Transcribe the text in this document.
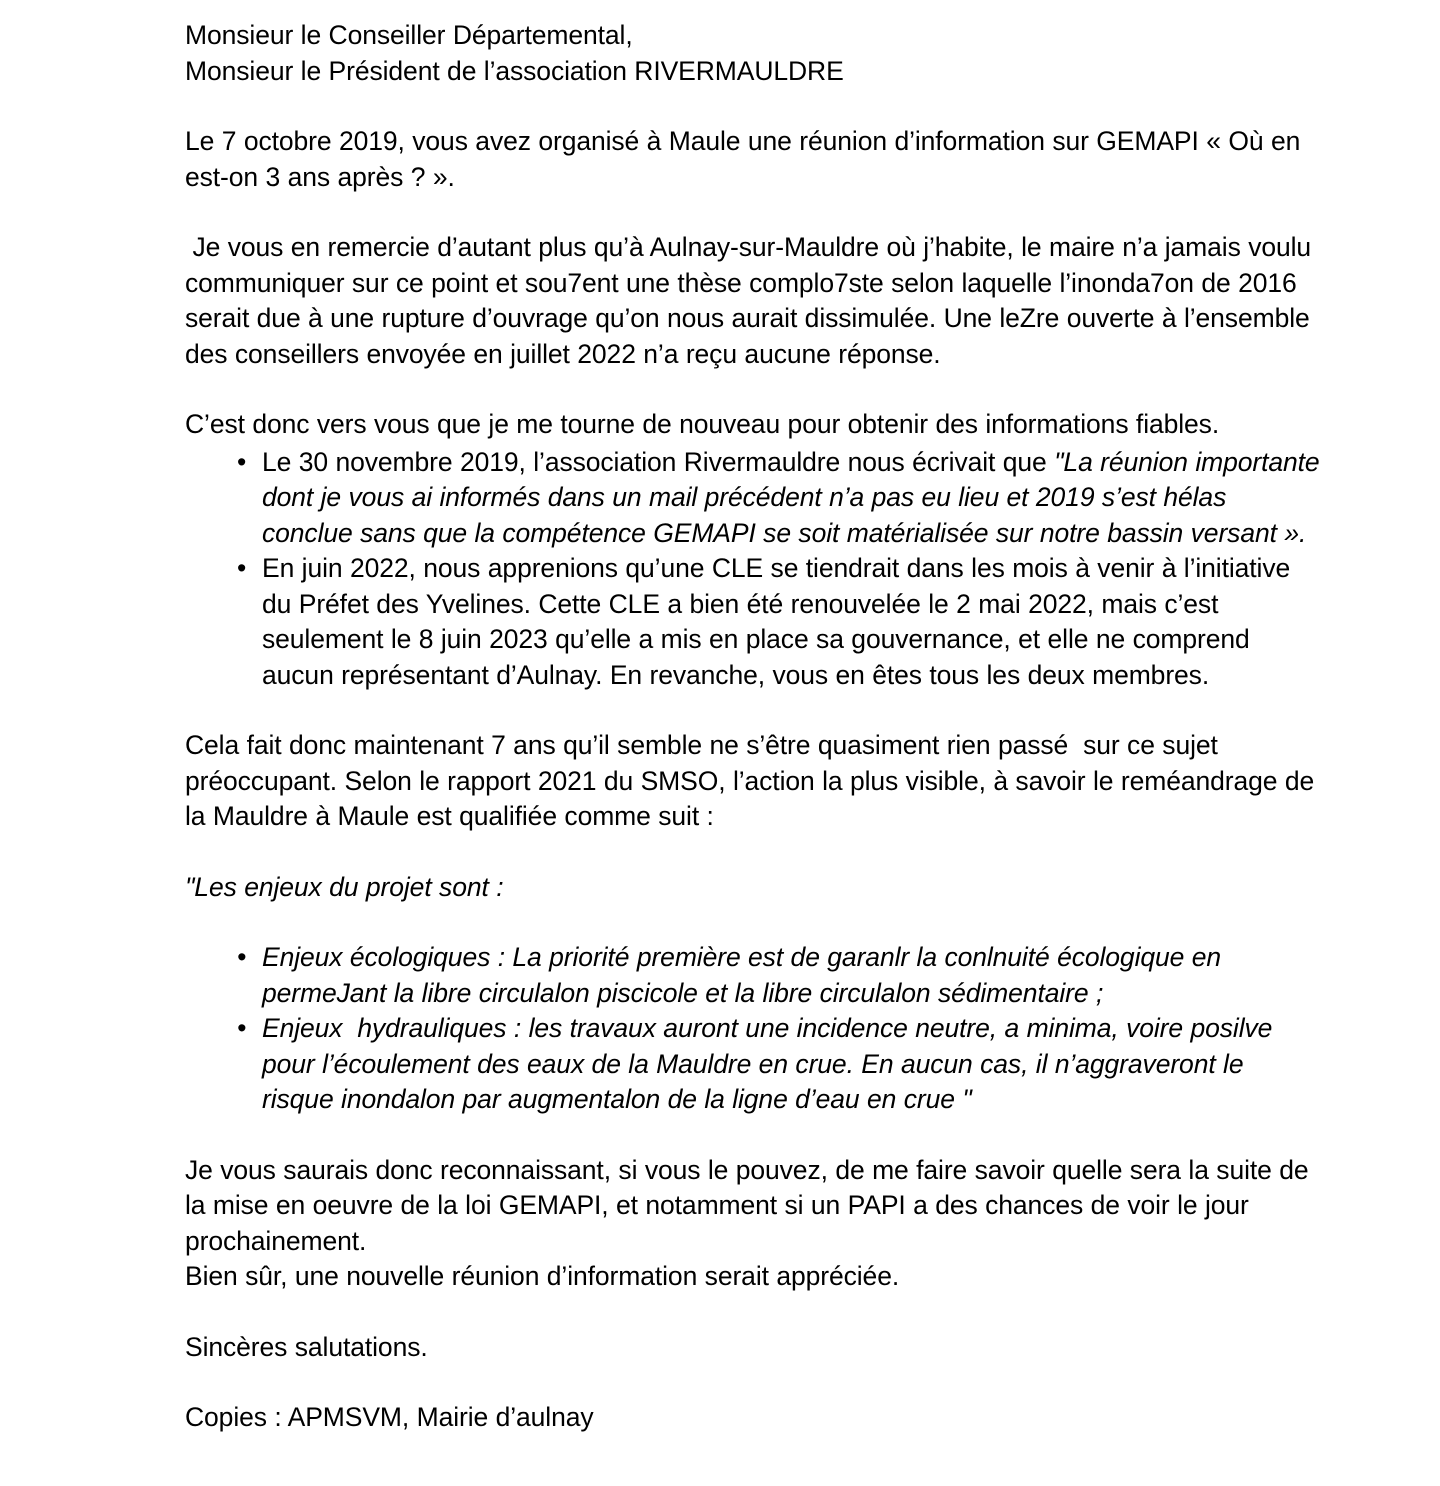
Monsieur le Conseiller Départemental,

Monsieur le Président de l’association RIVERMAULDRE

Le 7 octobre 2019, vous avez organisé à Maule une réunion d’information sur GEMAPI « Où en est-on 3 ans après ? ».

Je vous en remercie d’autant plus qu’à Aulnay-sur-Mauldre où j’habite, le maire n’a jamais voulu communiquer sur ce point et sou7ent une thèse complo7ste selon laquelle l’inonda7on de 2016 serait due à une rupture d’ouvrage qu’on nous aurait dissimulée. Une leZre ouverte à l’ensemble des conseillers envoyée en juillet 2022 n’a reçu aucune réponse.

C’est donc vers vous que je me tourne de nouveau pour obtenir des informations fiables.

• Le 30 novembre 2019, l’association Rivermauldre nous écrivait que "La réunion importante dont je vous ai informés dans un mail précédent n’a pas eu lieu et 2019 s’est hélas conclue sans que la compétence GEMAPI se soit matérialisée sur notre bassin versant ».
• En juin 2022, nous apprenions qu’une CLE se tiendrait dans les mois à venir à l’initiative du Préfet des Yvelines. Cette CLE a bien été renouvelée le 2 mai 2022, mais c’est seulement le 8 juin 2023 qu’elle a mis en place sa gouvernance, et elle ne comprend aucun représentant d’Aulnay. En revanche, vous en êtes tous les deux membres.

Cela fait donc maintenant 7 ans qu’il semble ne s’être quasiment rien passé  sur ce sujet préoccupant. Selon le rapport 2021 du SMSO, l’action la plus visible, à savoir le reméandrage de la Mauldre à Maule est qualifiée comme suit :

"Les enjeux du projet sont :

• Enjeux écologiques : La priorité première est de garanlr la conlnuité écologique en permeJant la libre circulalon piscicole et la libre circulalon sédimentaire ;
• Enjeux  hydrauliques : les travaux auront une incidence neutre, a minima, voire posilve pour l’écoulement des eaux de la Mauldre en crue. En aucun cas, il n’aggraveront le risque inondalon par augmentalon de la ligne d’eau en crue "

Je vous saurais donc reconnaissant, si vous le pouvez, de me faire savoir quelle sera la suite de la mise en oeuvre de la loi GEMAPI, et notamment si un PAPI a des chances de voir le jour prochainement.

Bien sûr, une nouvelle réunion d’information serait appréciée.

Sincères salutations.

Copies : APMSVM, Mairie d’aulnay
